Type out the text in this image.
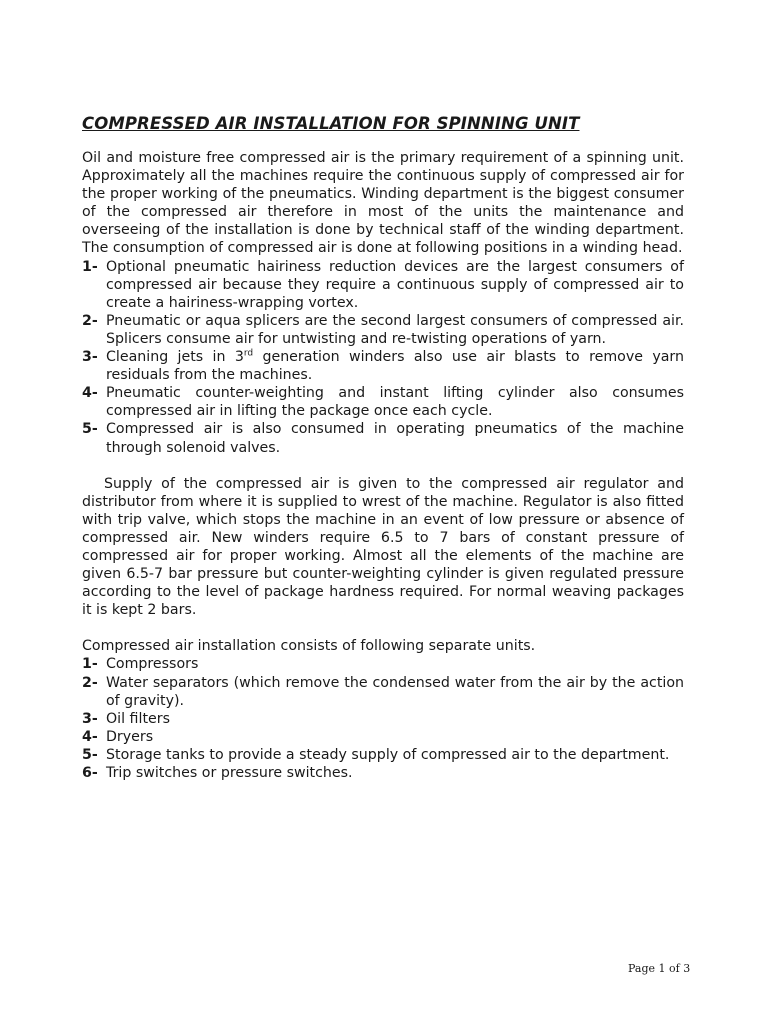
COMPRESSED AIR INSTALLATION FOR SPINNING UNIT

Oil and moisture free compressed air is the primary requirement of a spinning unit. Approximately all the machines require the continuous supply of compressed air for the proper working of the pneumatics. Winding department is the biggest consumer of the compressed air therefore in most of the units the maintenance and overseeing of the installation is done by technical staff of the winding department. The consumption of compressed air is done at following positions in a winding head.

1- Optional pneumatic hairiness reduction devices are the largest consumers of compressed air because they require a continuous supply of compressed air to create a hairiness-wrapping vortex.
2- Pneumatic or aqua splicers are the second largest consumers of compressed air. Splicers consume air for untwisting and re-twisting operations of yarn.
3- Cleaning jets in 3rd generation winders also use air blasts to remove yarn residuals from the machines.
4- Pneumatic counter-weighting and instant lifting cylinder also consumes compressed air in lifting the package once each cycle.
5- Compressed air is also consumed in operating pneumatics of the machine through solenoid valves.

Supply of the compressed air is given to the compressed air regulator and distributor from where it is supplied to wrest of the machine. Regulator is also fitted with trip valve, which stops the machine in an event of low pressure or absence of compressed air. New winders require 6.5 to 7 bars of constant pressure of compressed air for proper working. Almost all the elements of the machine are given 6.5-7 bar pressure but counter-weighting cylinder is given regulated pressure according to the level of package hardness required. For normal weaving packages it is kept 2 bars.

Compressed air installation consists of following separate units.

1- Compressors
2- Water separators (which remove the condensed water from the air by the action of gravity).
3- Oil filters
4- Dryers
5- Storage tanks to provide a steady supply of compressed air to the department.
6- Trip switches or pressure switches.
Page 1 of 3
